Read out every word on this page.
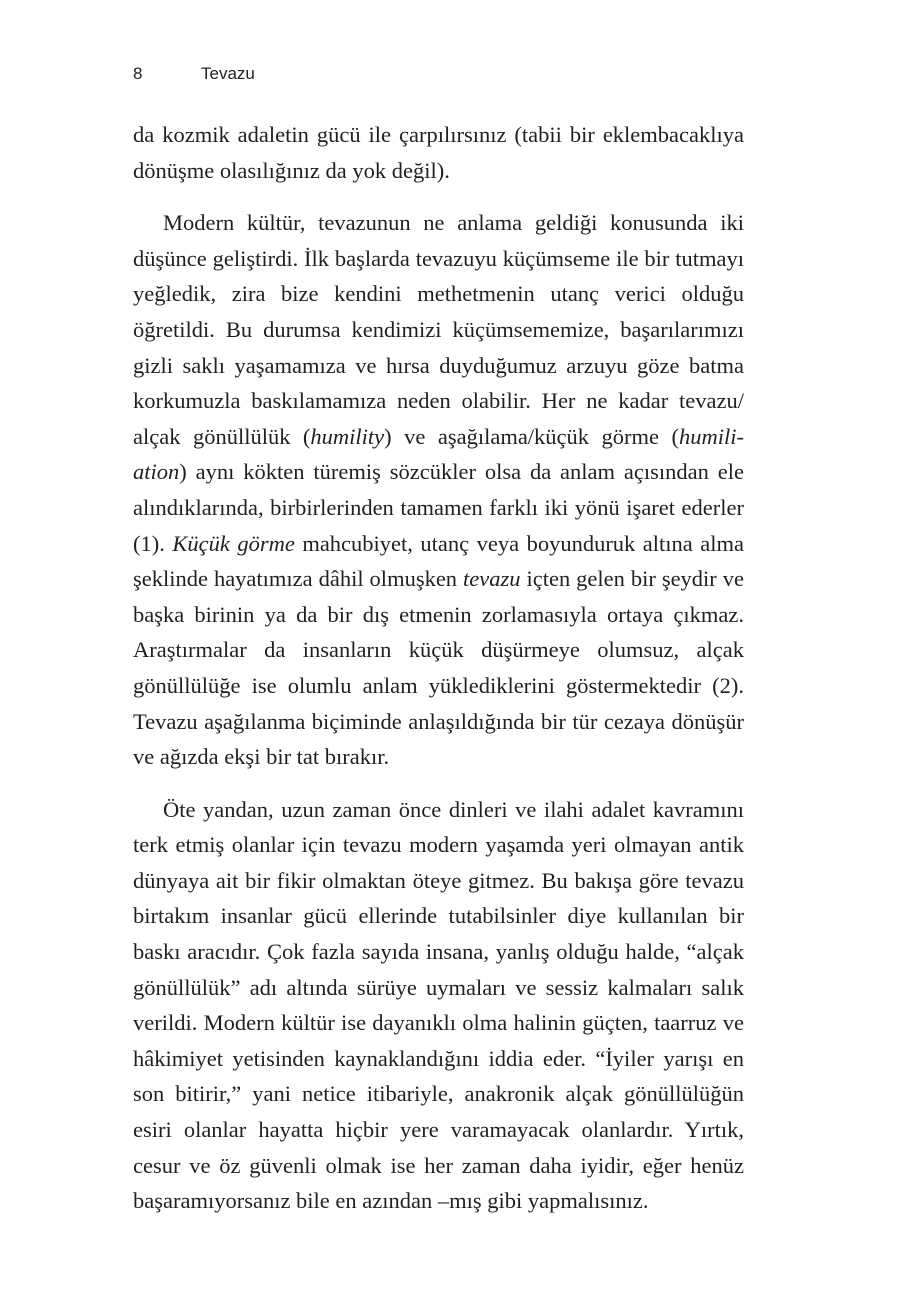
8	Tevazu

da kozmik adaletin gücü ile çarpılırsınız (tabii bir eklembacaklıya dönüşme olasılığınız da yok değil).

Modern kültür, tevazunun ne anlama geldiği konusunda iki düşünce geliştirdi. İlk başlarda tevazuyu küçümseme ile bir tutmayı yeğledik, zira bize kendini methetmenin utanç verici olduğu öğretildi. Bu durumsa kendimizi küçümsememize, başarılarımızı gizli saklı yaşamamıza ve hırsa duyduğumuz arzuyu göze batma korkumuzla baskılamamıza neden olabilir. Her ne kadar tevazu/​alçak gönüllülük (humility) ve aşağılama/​küçük görme (humiliation) aynı kökten türemiş sözcükler olsa da anlam açısından ele alındıklarında, birbirlerinden tamamen farklı iki yönü işaret ederler (1). Küçük görme mahcubiyet, utanç veya boyunduruk altına alma şeklinde hayatımıza dâhil olmuşken tevazu içten gelen bir şeydir ve başka birinin ya da bir dış etmenin zorlamasıyla ortaya çıkmaz. Araştırmalar da insanların küçük düşürmeye olumsuz, alçak gönüllülüğe ise olumlu anlam yüklediklerini göstermektedir (2). Tevazu aşağılanma biçiminde anlaşıldığında bir tür cezaya dönüşür ve ağızda ekşi bir tat bırakır.

Öte yandan, uzun zaman önce dinleri ve ilahi adalet kavramını terk etmiş olanlar için tevazu modern yaşamda yeri olmayan antik dünyaya ait bir fikir olmaktan öteye gitmez. Bu bakışa göre tevazu birtakım insanlar gücü ellerinde tutabilsinler diye kullanılan bir baskı aracıdır. Çok fazla sayıda insana, yanlış olduğu halde, “alçak gönüllülük” adı altında sürüye uymaları ve sessiz kalmaları salık verildi. Modern kültür ise dayanıklı olma halinin güçten, taarruz ve hâkimiyet yetisinden kaynaklandığını iddia eder. “İyiler yarışı en son bitirir,” yani netice itibariyle, anakronik alçak gönüllülüğün esiri olanlar hayatta hiçbir yere varamayacak olanlardır. Yırtık, cesur ve öz güvenli olmak ise her zaman daha iyidir, eğer henüz başaramıyorsanız bile en azından –mış gibi yapmalısınız.
